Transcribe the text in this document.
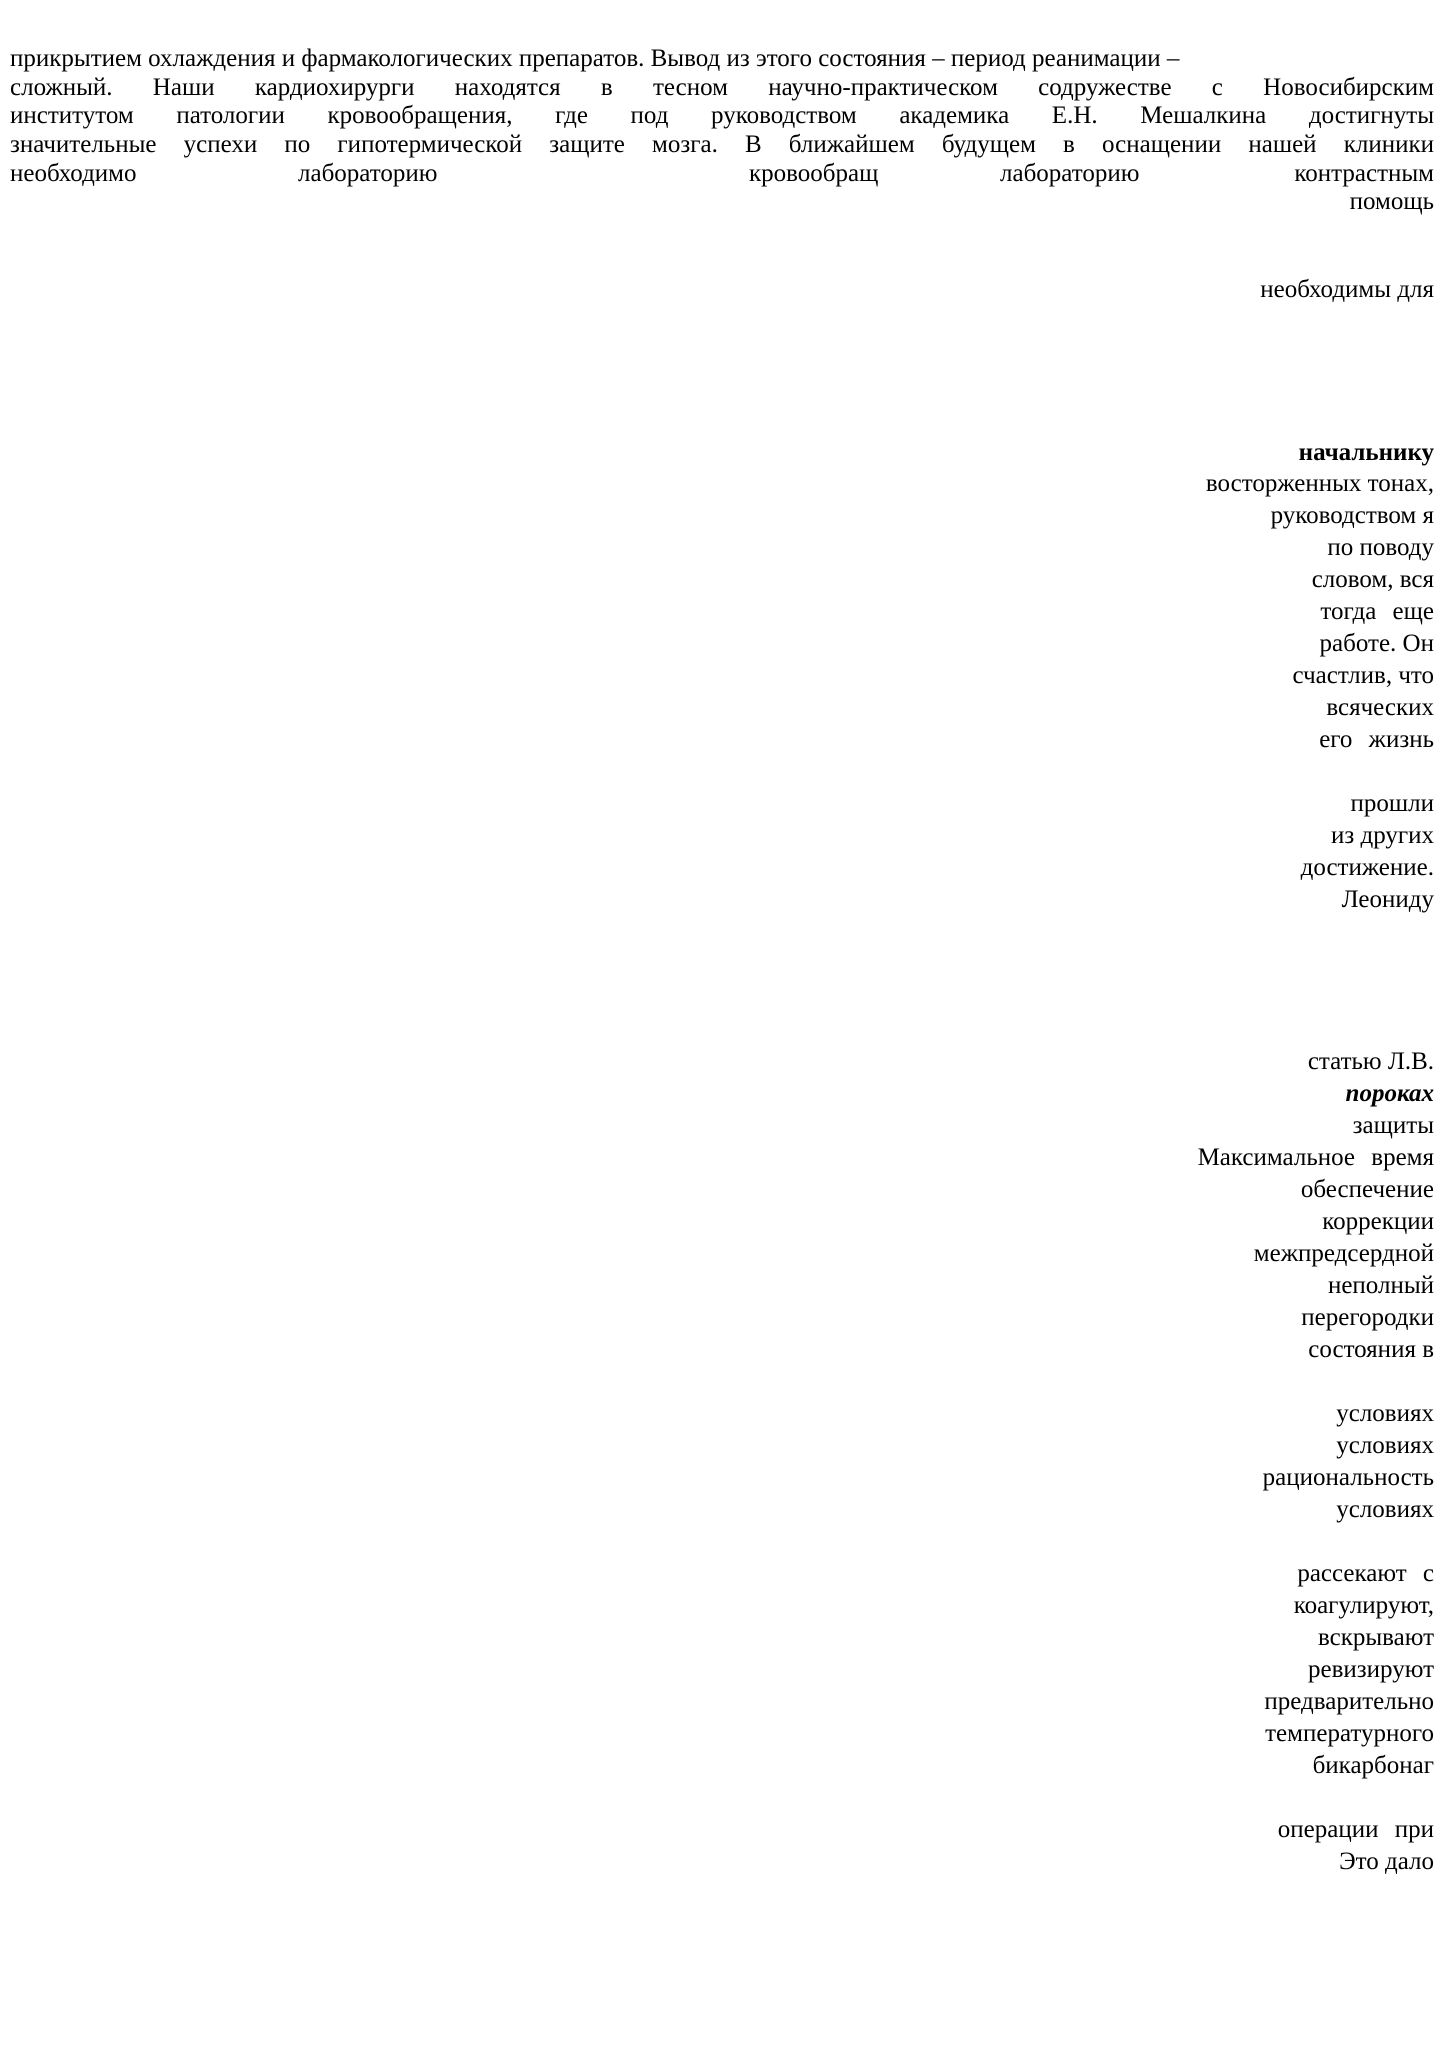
прикрытием охлаждения и фармакологических препаратов. Вывод из этого состояния – период реанимации –
сложный. Наши кардиохирурги находятся в тесном научно-практическом содружестве с Новосибирским
институтом патологии кровообращения, где под руководством академика Е.Н. Мешалкина достигнуты
значительные успехи по гипотермической защите мозга. В ближайшем будущем в оснащении нашей клиники
необходимо	лабораторию	кровообращ	лабораторию	контрастным
помощь
необходимы для
начальнику
восторженных тонах,
руководством я
по поводу
словом, вся
тогда еще
работе. Он
счастлив, что
всяческих
его жизнь
прошли
из других
достижение.
Леониду
статью Л.В.
пороках
защиты
Максимальное время
обеспечение
коррекции
межпредсердной
неполный
перегородки
состояния в
условиях
условиях
рациональность
условиях
рассекают с
коагулируют,
вскрывают
ревизируют
предварительно
температурного
бикарбонаг
операции при
Это дало
